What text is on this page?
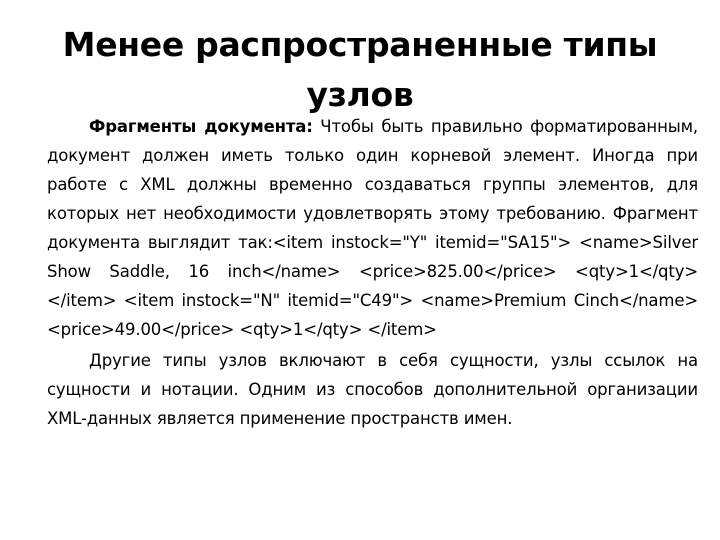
Менее распространенные типы узлов

Фрагменты документа: Чтобы быть правильно форматированным, документ должен иметь только один корневой элемент. Иногда при работе с XML должны временно создаваться группы элементов, для которых нет необходимости удовлетворять этому требованию. Фрагмент документа выглядит так:<item instock="Y" itemid="SA15"> <name>Silver Show Saddle, 16 inch</name> <price>825.00</price> <qty>1</qty> </item> <item instock="N" itemid="C49"> <name>Premium Cinch</name> <price>49.00</price> <qty>1</qty> </item>

Другие типы узлов включают в себя сущности, узлы ссылок на сущности и нотации. Одним из способов дополнительной организации XML-данных является применение пространств имен.
